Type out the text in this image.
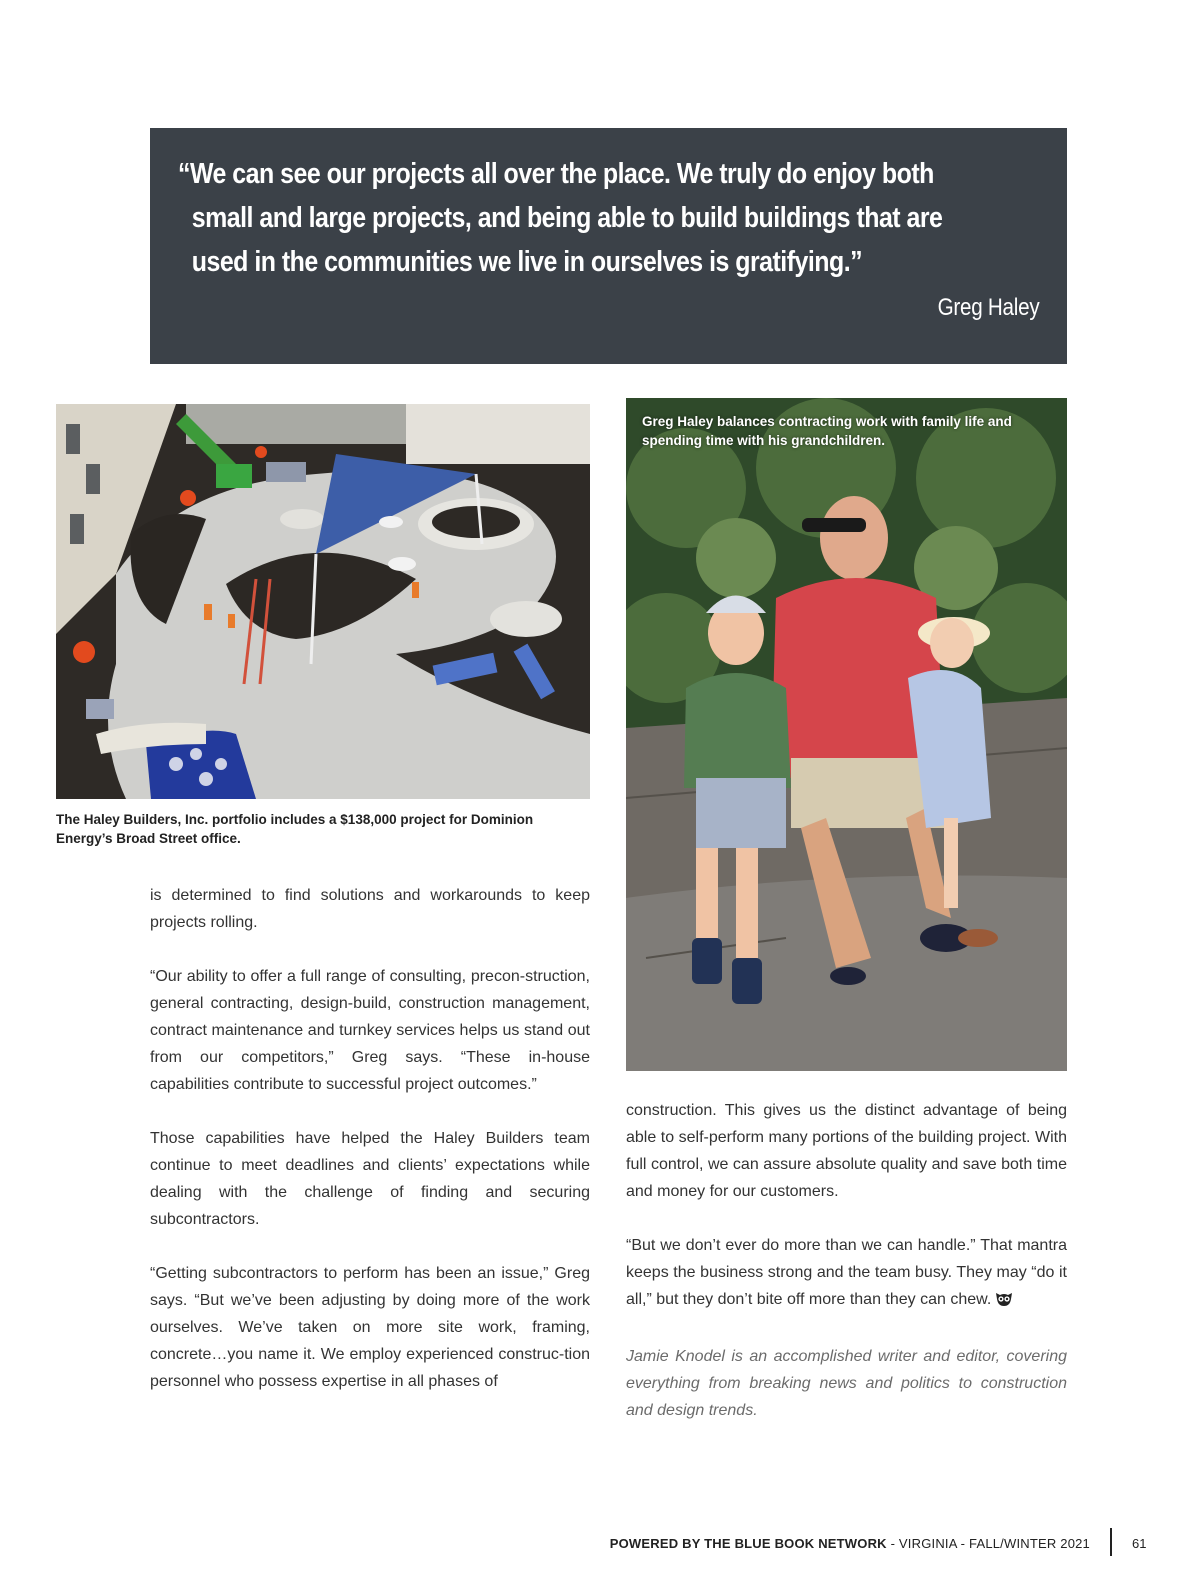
“We can see our projects all over the place. We truly do enjoy both small and large projects, and being able to build buildings that are used in the communities we live in ourselves is gratifying.”

Greg Haley
The Haley Builders, Inc. portfolio includes a $138,000 project for Dominion Energy’s Broad Street office.
Greg Haley balances contracting work with family life and spending time with his grandchildren.

is determined to find solutions and workarounds to keep projects rolling.

“Our ability to offer a full range of consulting, precon-struction, general contracting, design-build, construction management, contract maintenance and turnkey services helps us stand out from our competitors,” Greg says. “These in-house capabilities contribute to successful project outcomes.”

Those capabilities have helped the Haley Builders team continue to meet deadlines and clients’ expectations while dealing with the challenge of finding and securing subcontractors.

“Getting subcontractors to perform has been an issue,” Greg says. “But we’ve been adjusting by doing more of the work ourselves. We’ve taken on more site work, framing, concrete…you name it. We employ experienced construc-tion personnel who possess expertise in all phases of

construction. This gives us the distinct advantage of being able to self-perform many portions of the building project. With full control, we can assure absolute quality and save both time and money for our customers.

“But we don’t ever do more than we can handle.” That mantra keeps the business strong and the team busy. They may “do it all,” but they don’t bite off more than they can chew.

Jamie Knodel is an accomplished writer and editor, covering everything from breaking news and politics to construction and design trends.

POWERED BY THE BLUE BOOK NETWORK - VIRGINIA - FALL/WINTER 2021	61
